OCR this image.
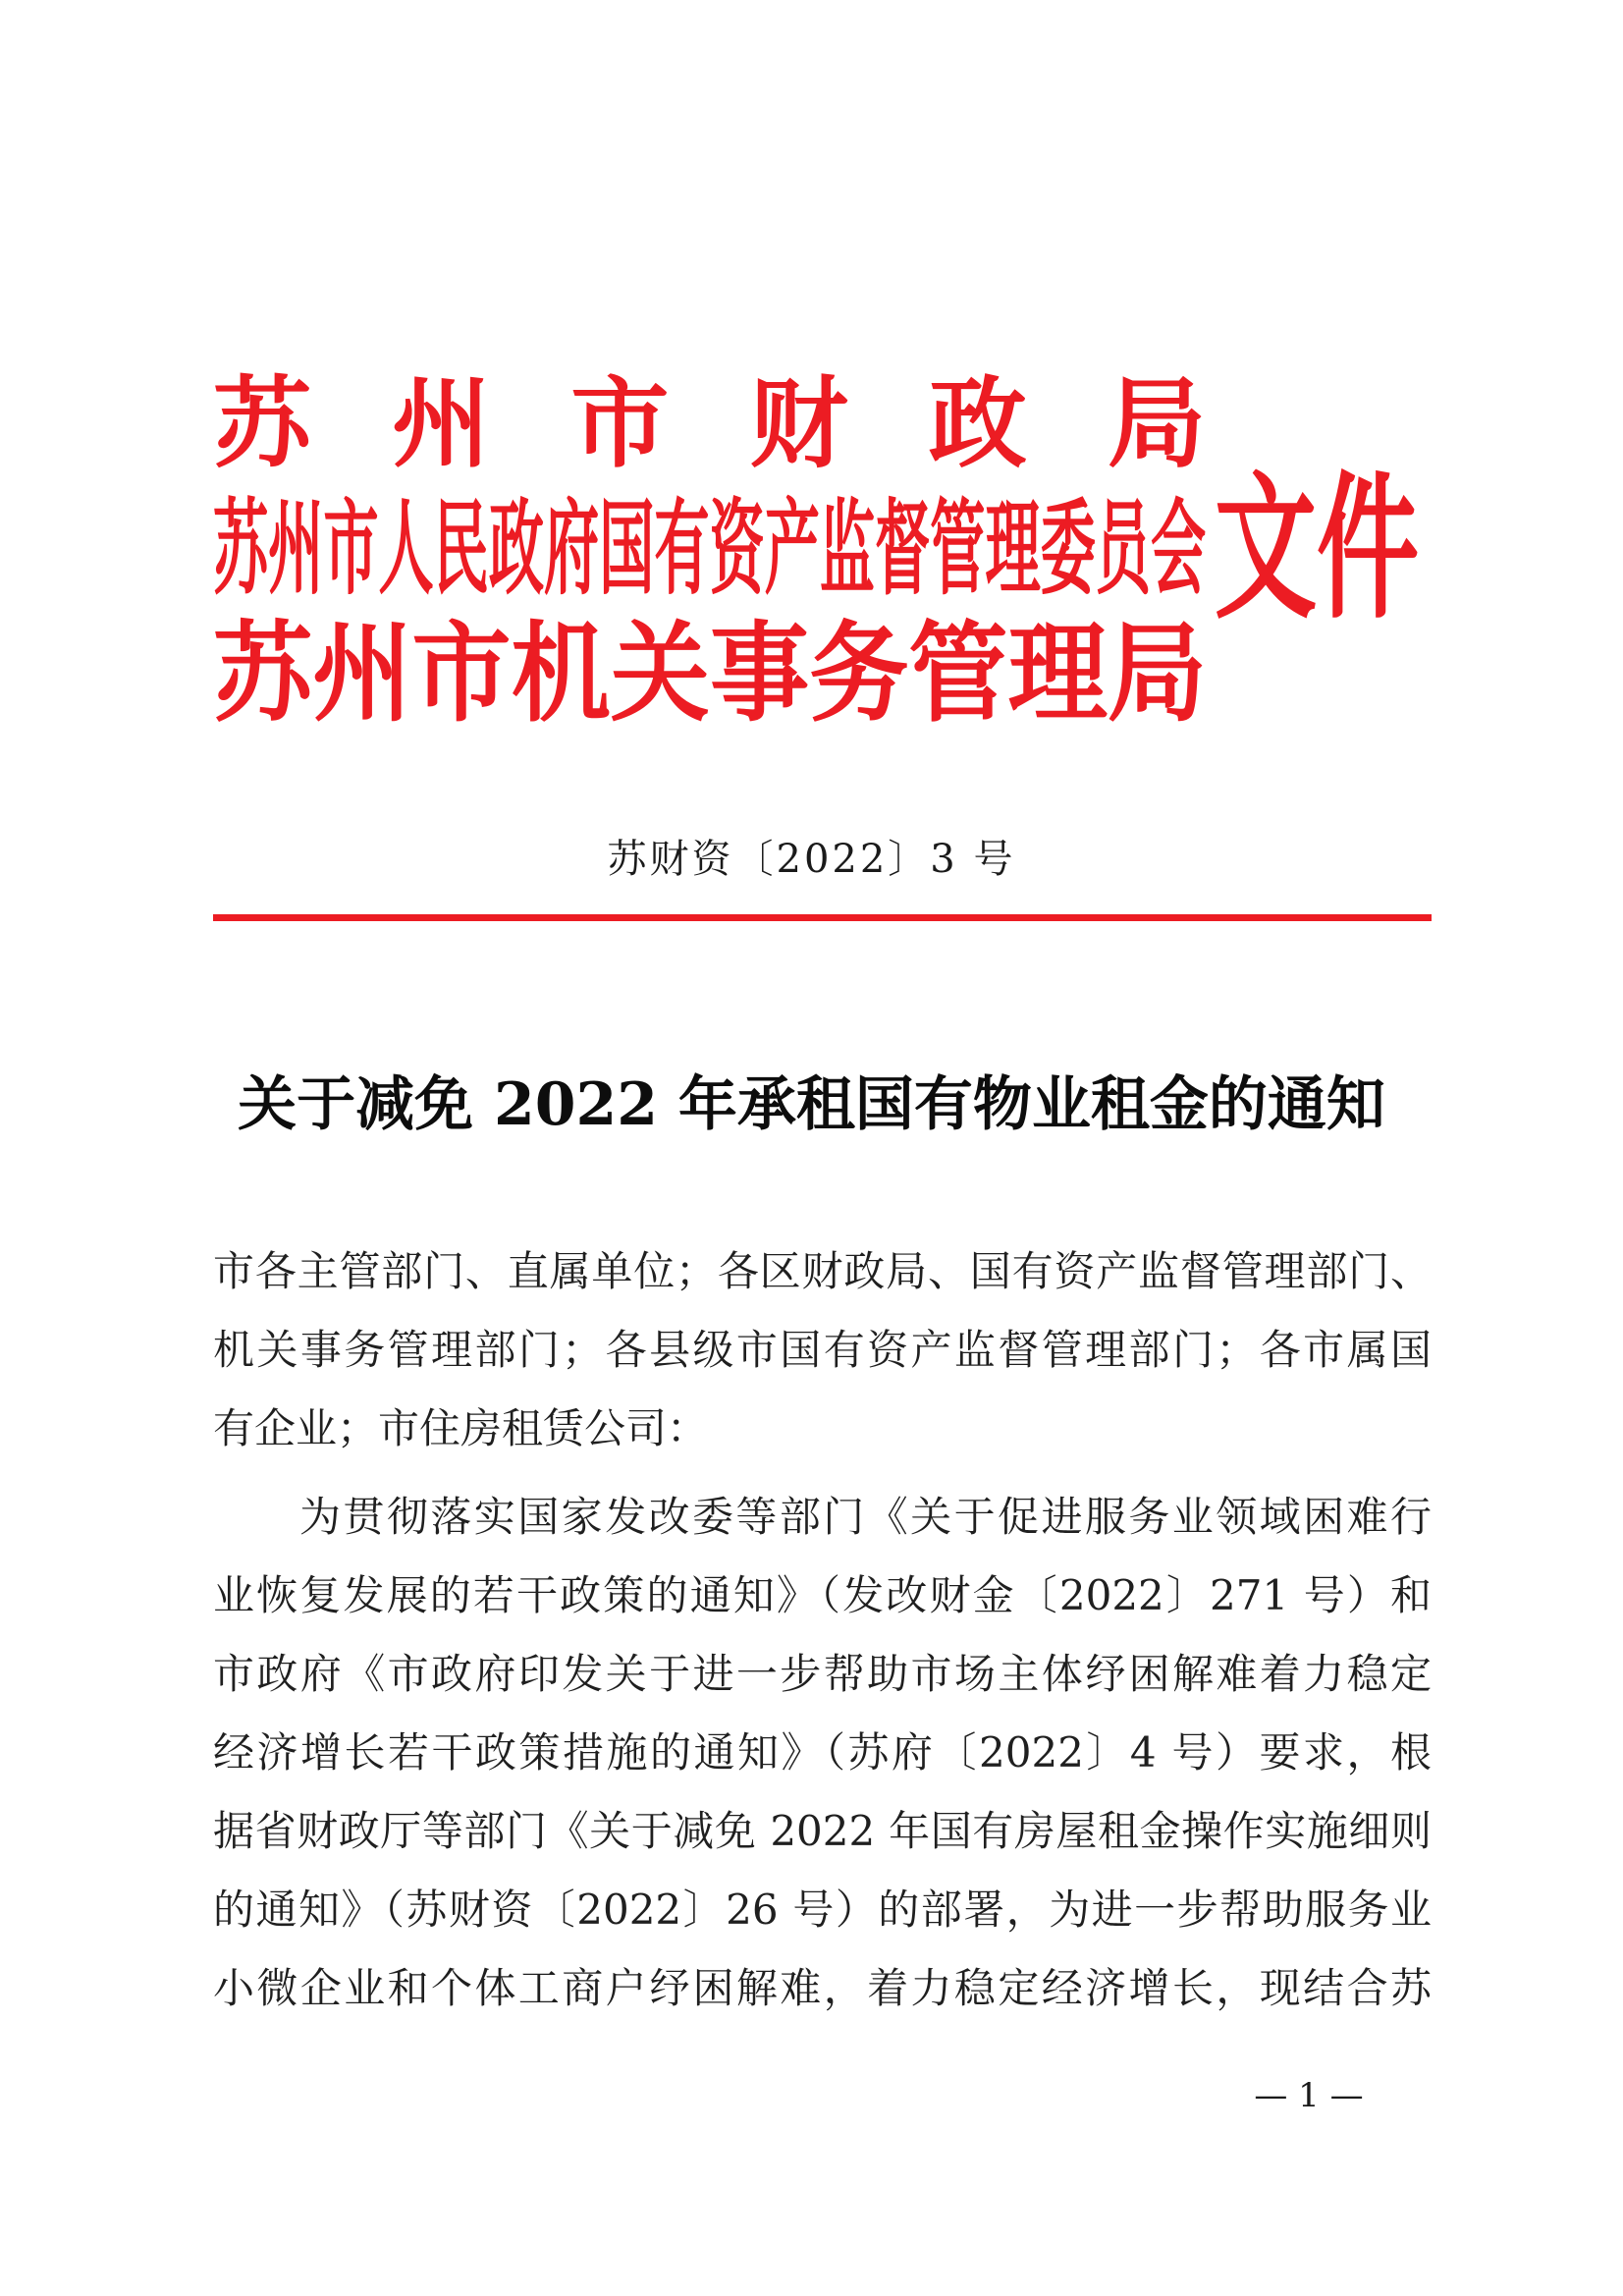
苏州市财政局
苏州市人民政府国有资产监督管理委员会
苏州市机关事务管理局
文件
苏财资〔2022〕3 号
关于减免 2022 年承租国有物业租金的通知
市各主管部门、直属单位；各区财政局、国有资产监督管理部门、
机关事务管理部门；各县级市国有资产监督管理部门；各市属国
有企业；市住房租赁公司：
为贯彻落实国家发改委等部门《关于促进服务业领域困难行
业恢复发展的若干政策的通知》（发改财金〔2022〕271 号）和
市政府《市政府印发关于进一步帮助市场主体纾困解难着力稳定
经济增长若干政策措施的通知》（苏府〔2022〕4 号）要求，根
据省财政厅等部门《关于减免 2022 年国有房屋租金操作实施细则
的通知》（苏财资〔2022〕26 号）的部署，为进一步帮助服务业
小微企业和个体工商户纾困解难，着力稳定经济增长，现结合苏
— 1 —
